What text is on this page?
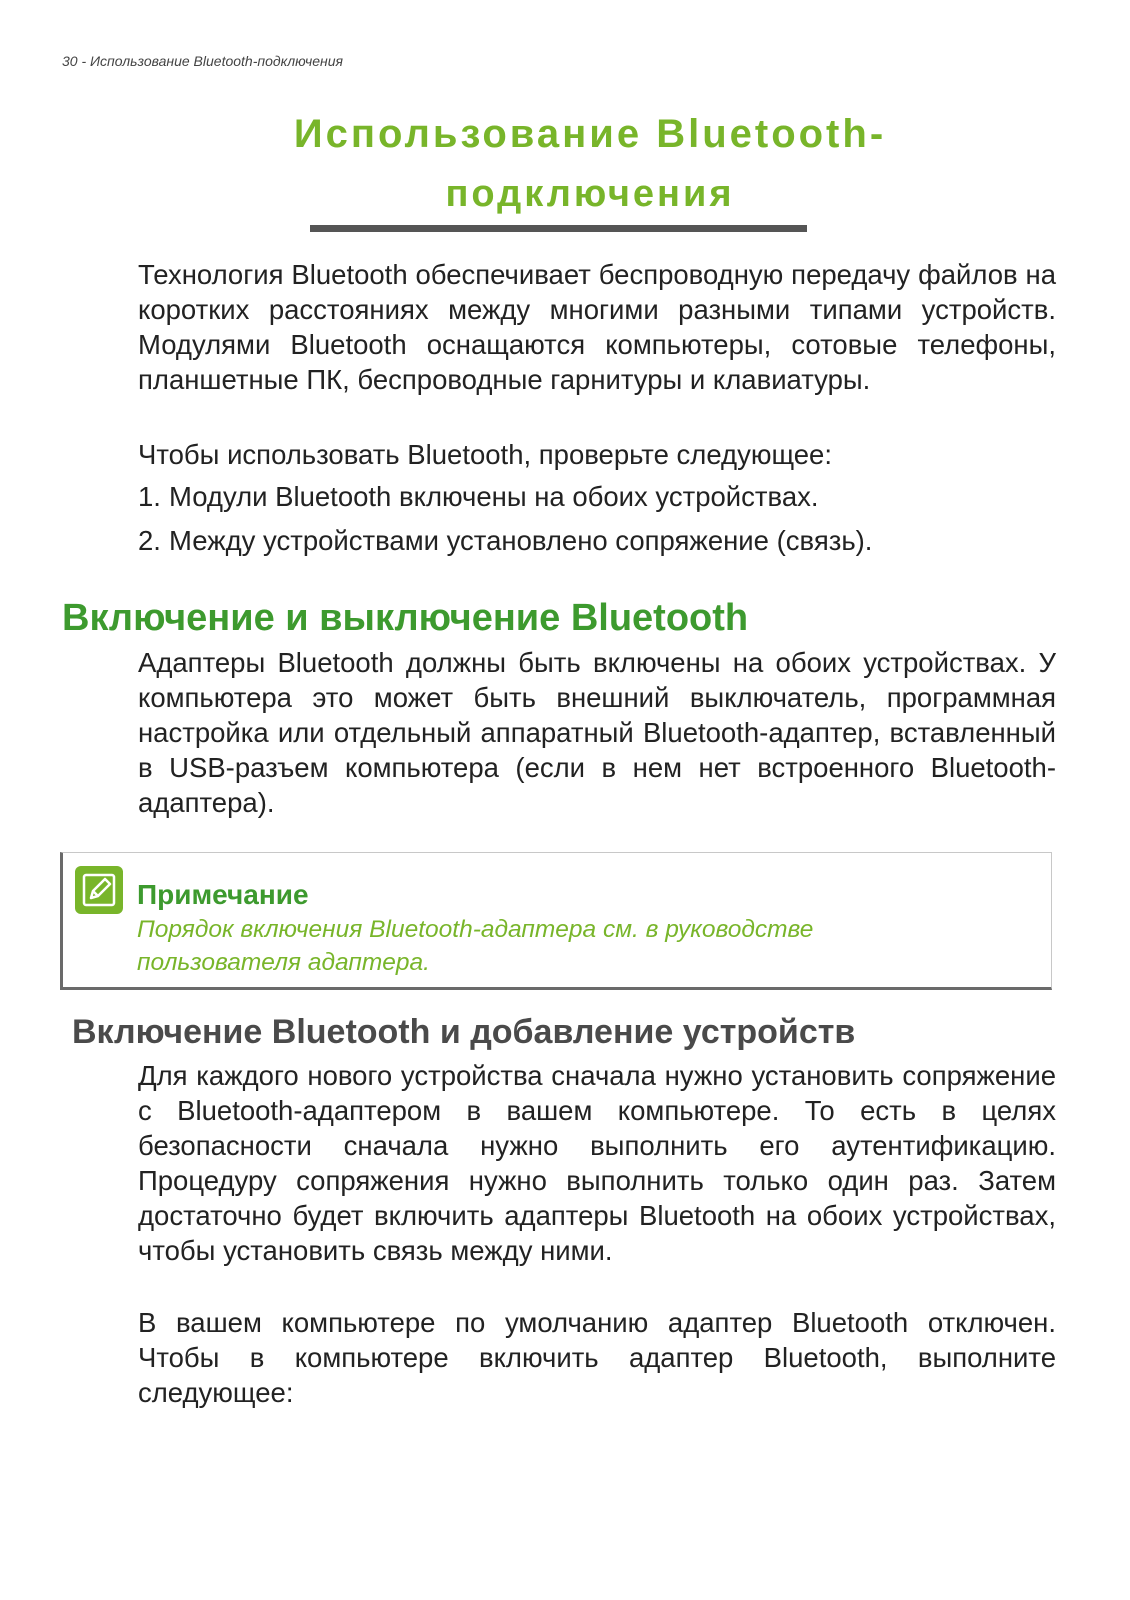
30 - Использование Bluetooth-подключения
Использование Bluetooth-
подключения

Технология Bluetooth обеспечивает беспроводную передачу файлов на коротких расстояниях между многими разными типами устройств. Модулями Bluetooth оснащаются компьютеры, сотовые телефоны, планшетные ПК, беспроводные гарнитуры и клавиатуры.

Чтобы использовать Bluetooth, проверьте следующее:

1. Модули Bluetooth включены на обоих устройствах.
2. Между устройствами установлено сопряжение (связь).
Включение и выключение Bluetooth

Адаптеры Bluetooth должны быть включены на обоих устройствах. У компьютера это может быть внешний выключатель, программная настройка или отдельный аппаратный Bluetooth-адаптер, вставленный в USB-разъем компьютера (если в нем нет встроенного Bluetooth-адаптера).

Примечание
Порядок включения Bluetooth-адаптера см. в руководстве пользователя адаптера.
Включение Bluetooth и добавление устройств

Для каждого нового устройства сначала нужно установить сопряжение с Bluetooth-адаптером в вашем компьютере. То есть в целях безопасности сначала нужно выполнить его аутентификацию. Процедуру сопряжения нужно выполнить только один раз. Затем достаточно будет включить адаптеры Bluetooth на обоих устройствах, чтобы установить связь между ними.

В вашем компьютере по умолчанию адаптер Bluetooth отключен. Чтобы в компьютере включить адаптер Bluetooth, выполните следующее:
